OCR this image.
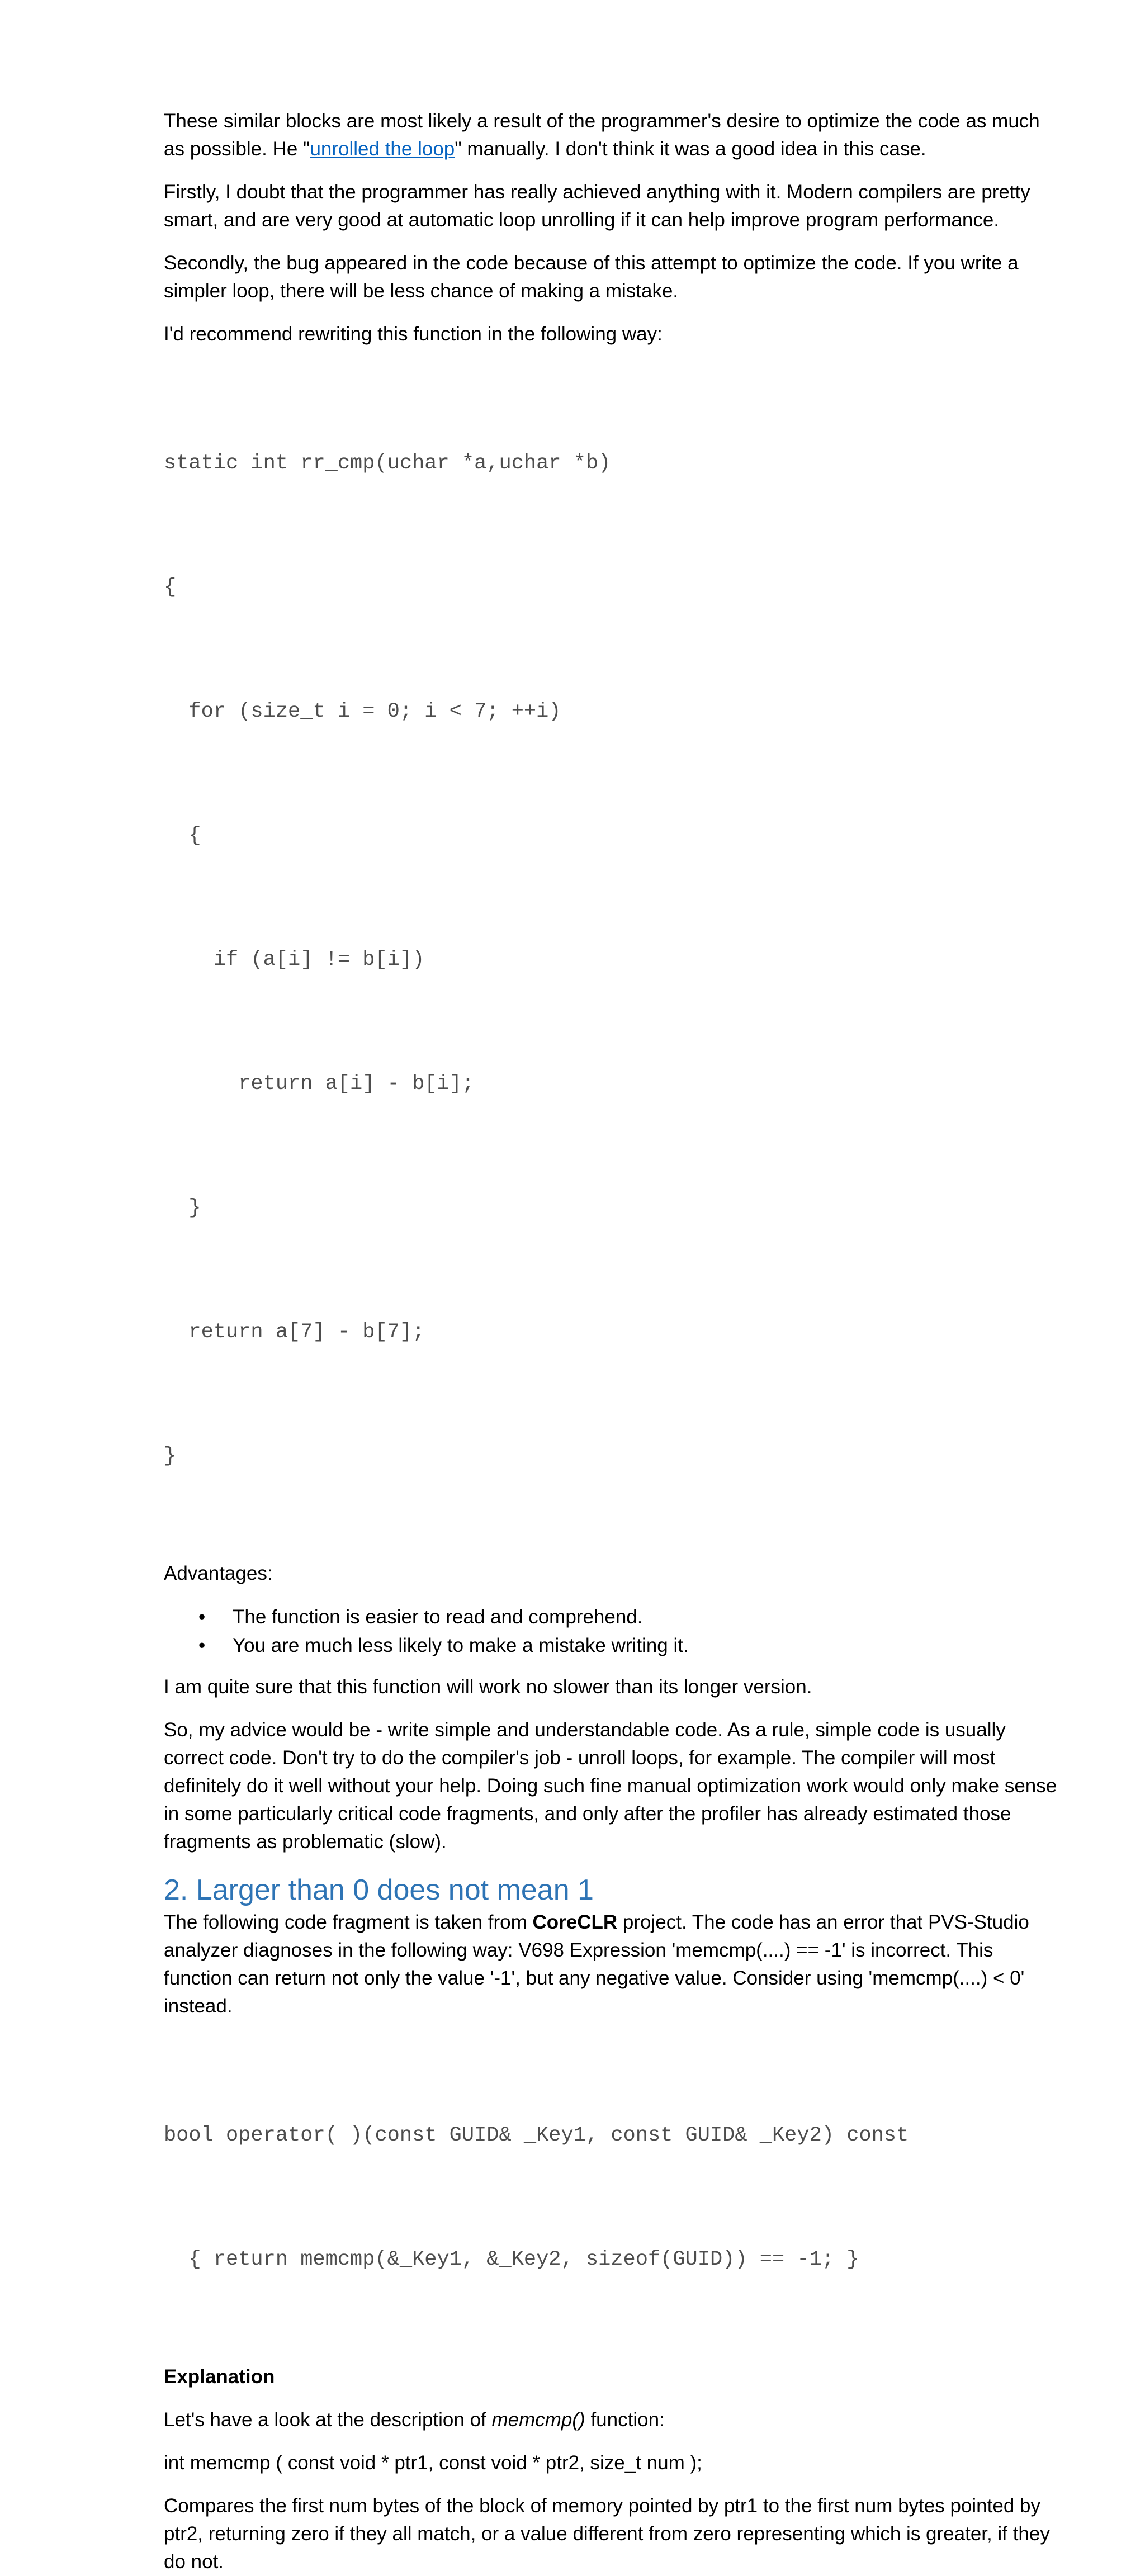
These similar blocks are most likely a result of the programmer's desire to optimize the code as much as possible. He "unrolled the loop" manually. I don't think it was a good idea in this case.

Firstly, I doubt that the programmer has really achieved anything with it. Modern compilers are pretty smart, and are very good at automatic loop unrolling if it can help improve program performance.

Secondly, the bug appeared in the code because of this attempt to optimize the code. If you write a simpler loop, there will be less chance of making a mistake.

I'd recommend rewriting this function in the following way:

static int rr_cmp(uchar *a,uchar *b)

{

for (size_t i = 0; i < 7; ++i)

{

if (a[i] != b[i])

return a[i] - b[i];

}

return a[7] - b[7];

}

Advantages:

• The function is easier to read and comprehend.
• You are much less likely to make a mistake writing it.

I am quite sure that this function will work no slower than its longer version.

So, my advice would be - write simple and understandable code. As a rule, simple code is usually correct code. Don't try to do the compiler's job - unroll loops, for example. The compiler will most definitely do it well without your help. Doing such fine manual optimization work would only make sense in some particularly critical code fragments, and only after the profiler has already estimated those fragments as problematic (slow).

2. Larger than 0 does not mean 1

The following code fragment is taken from CoreCLR project. The code has an error that PVS-Studio analyzer diagnoses in the following way: V698 Expression 'memcmp(....) == -1' is incorrect. This function can return not only the value '-1', but any negative value. Consider using 'memcmp(....) < 0' instead.

bool operator( )(const GUID& _Key1, const GUID& _Key2) const

{ return memcmp(&_Key1, &_Key2, sizeof(GUID)) == -1; }

Explanation

Let's have a look at the description of memcmp() function:

int memcmp ( const void * ptr1, const void * ptr2, size_t num );

Compares the first num bytes of the block of memory pointed by ptr1 to the first num bytes pointed by ptr2, returning zero if they all match, or a value different from zero representing which is greater, if they do not.
